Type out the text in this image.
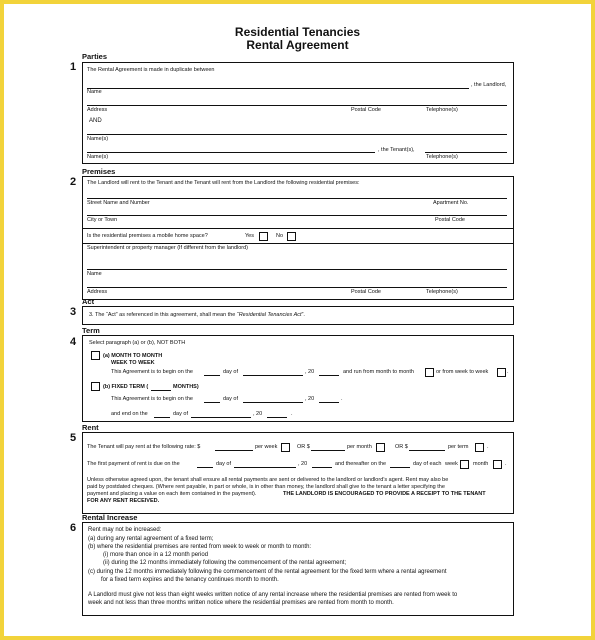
Residential Tenancies
Rental Agreement
Parties
1 The Rental Agreement is made in duplicate between
, the Landlord,
Name
Address	Postal Code	Telephone(s)
AND
Name(s)
, the Tenant(s),
Name(s)	Telephone(s)
Premises
2 The Landlord will rent to the Tenant and the Tenant will rent from the Landlord the following residential premises:
Street Name and Number	Apartment No.
City or Town	Postal Code
Is the residential premises a mobile home space?	Yes	No
Superintendent or property manager (If different from the landlord)
Name
Address	Postal Code	Telephone(s)
Act
3 3. The “Act” as referenced in this agreement, shall mean the “Residential Tenancies Act”.
Term
4 Select paragraph (a) or (b), NOT BOTH
(a) MONTH TO MONTH
WEEK TO WEEK
This Agreement is to begin on the	day of	, 20	and run from month to month	or from week to week	.
(b) FIXED TERM (	MONTHS)
This Agreement is to begin on the	day of	, 20	.
and end on the	day of	, 20	.
Rent
5
The Tenant will pay rent at the following rate: $	per week	OR $	per month	OR $	per term	.
The first payment of rent is due on the	day of	, 20	and thereafter on the	day of each week	month	.
Unless otherwise agreed upon, the tenant shall ensure all rental payments are sent or delivered to the landlord or landlord’s agent. Rent may also be
paid by postdated cheques. (Where rent payable, in part or whole, is in other than money, the landlord shall give to the tenant a letter specifying the
payment and placing a value on each item contained in the payment).	THE LANDLORD IS ENCOURAGED TO PROVIDE A RECEIPT TO THE TENANT
FOR ANY RENT RECEIVED.
Rental Increase
6 Rent may not be increased:
(a) during any rental agreement of a fixed term;
(b) where the residential premises are rented from week to week or month to month:
(i) more than once in a 12 month period
(ii) during the 12 months immediately following the commencement of the rental agreement;
(c) during the 12 months immediately following the commencement of the rental agreement for the fixed term where a rental agreement
for a fixed term expires and the tenancy continues month to month.
A Landlord must give not less than eight weeks written notice of any rental increase where the residential premises are rented from week to
week and not less than three months written notice where the residential premises are rented from month to month.
